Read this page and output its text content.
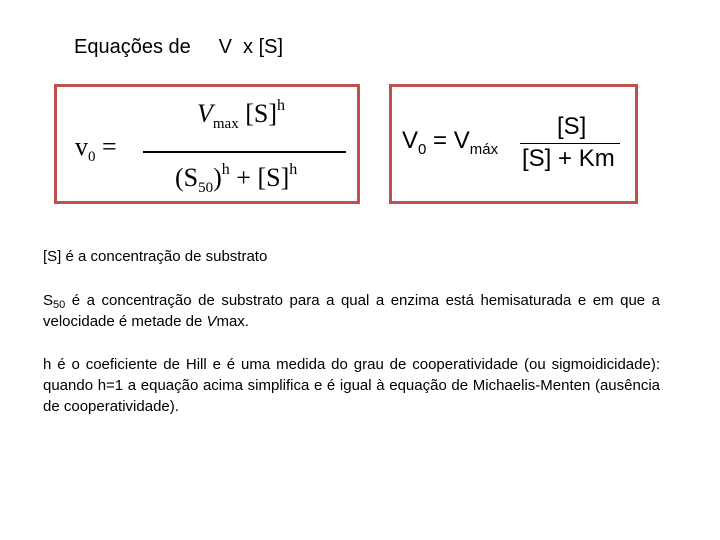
Equações de V  x [S]
$v_0$ =
$V_{max}$ $[S]^h$
$(S_{50})^h + [S]^h$
$V_0 = V_{máx}$
[S]
[S] + Km

[S] é a concentração de substrato

$S_{50}$ é a concentração de substrato para a qual a enzima está hemisaturada e em que a velocidade é metade de Vmax.

h é o coeficiente de Hill e é uma medida do grau de cooperatividade (ou sigmoidicidade): quando h=1 a equação acima simplifica e é igual à equação de Michaelis-Menten (ausência de cooperatividade).
